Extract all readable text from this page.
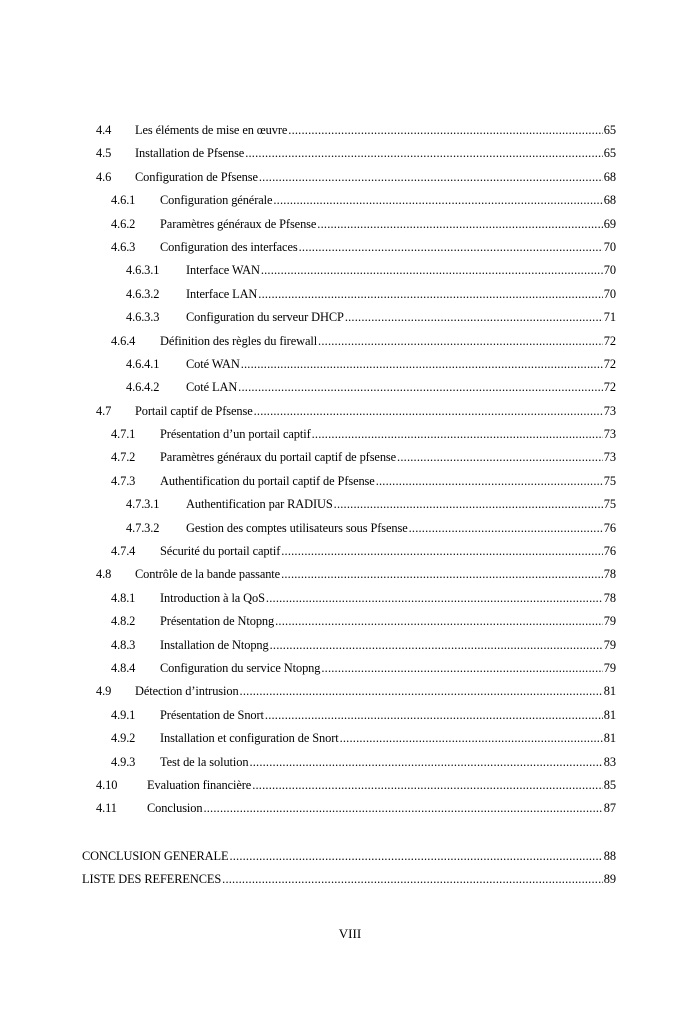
4.4 Les éléments de mise en œuvre .....	65
4.5 Installation de Pfsense .....	65
4.6 Configuration de Pfsense .....	68
4.6.1 Configuration générale .....	68
4.6.2 Paramètres généraux de Pfsense .....	69
4.6.3 Configuration des interfaces .....	70
4.6.3.1 Interface WAN .....	70
4.6.3.2 Interface LAN .....	70
4.6.3.3 Configuration du serveur DHCP .....	71
4.6.4 Définition des règles du firewall .....	72
4.6.4.1 Coté WAN .....	72
4.6.4.2 Coté LAN .....	72
4.7 Portail captif de Pfsense .....	73
4.7.1 Présentation d’un portail captif .....	73
4.7.2 Paramètres généraux du portail captif de pfsense .....	73
4.7.3 Authentification du portail captif de Pfsense .....	75
4.7.3.1 Authentification par RADIUS .....	75
4.7.3.2 Gestion des comptes utilisateurs sous Pfsense .....	76
4.7.4 Sécurité du portail captif .....	76
4.8 Contrôle de la bande passante .....	78
4.8.1 Introduction à la QoS .....	78
4.8.2 Présentation de Ntopng .....	79
4.8.3 Installation de Ntopng .....	79
4.8.4 Configuration du service Ntopng .....	79
4.9 Détection d’intrusion .....	81
4.9.1 Présentation de Snort .....	81
4.9.2 Installation et configuration de Snort .....	81
4.9.3 Test de la solution .....	83
4.10 Evaluation financière .....	85
4.11 Conclusion .....	87
CONCLUSION GENERALE .....	88
LISTE DES REFERENCES .....	89
VIII
